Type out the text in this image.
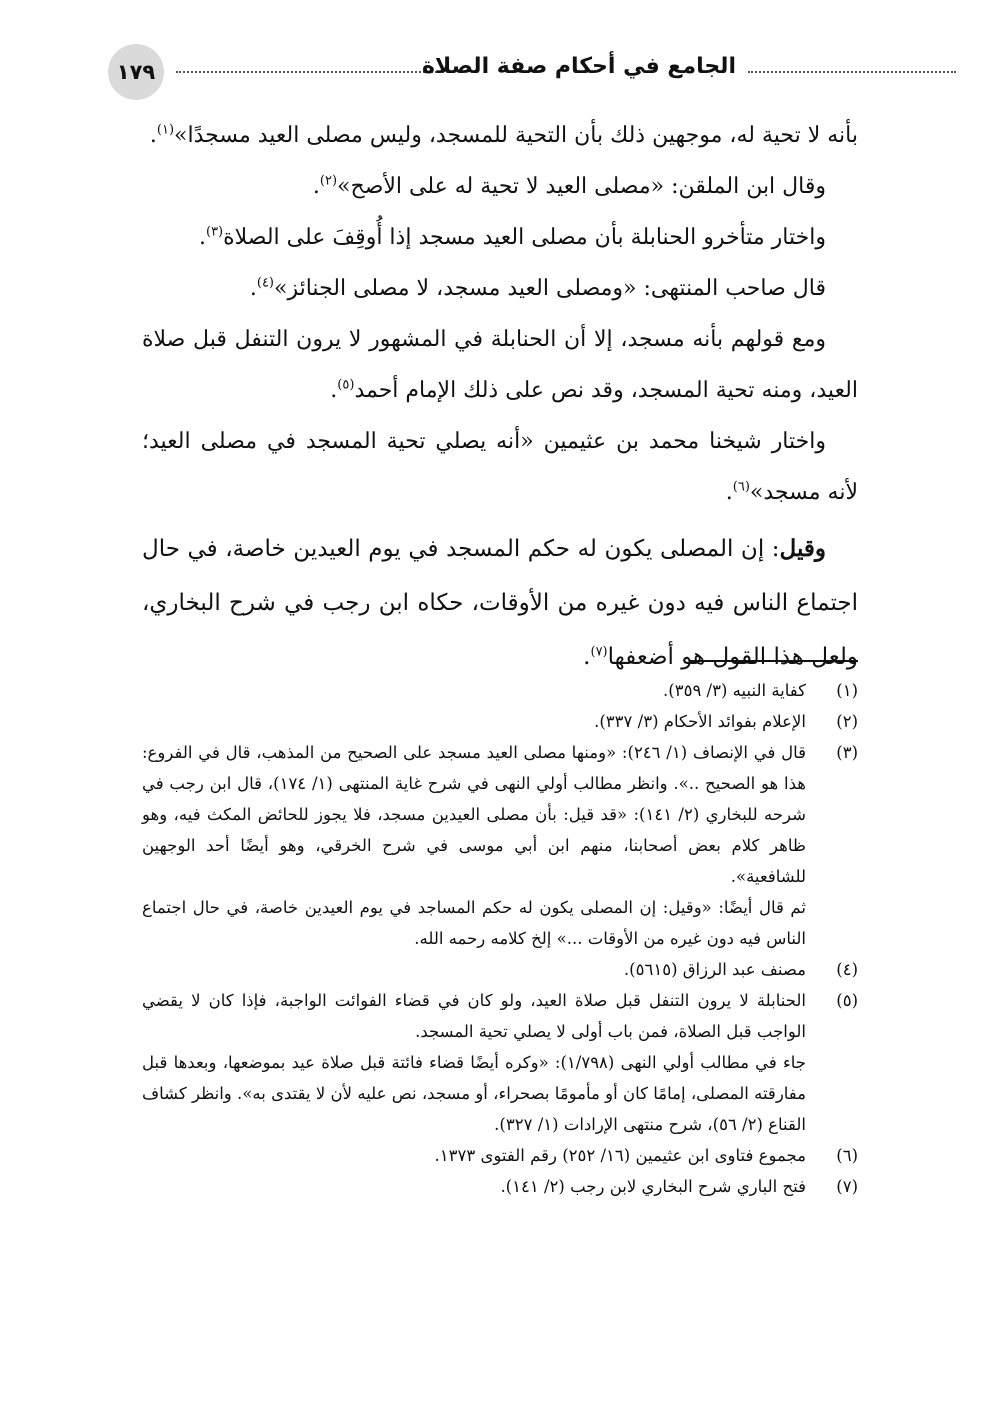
١٧٩	الجامع في أحكام صفة الصلاة

بأنه لا تحية له، موجهين ذلك بأن التحية للمسجد، وليس مصلى العيد مسجدًا»$^{(١)}$.

وقال ابن الملقن: «مصلى العيد لا تحية له على الأصح»$^{(٢)}$.

واختار متأخرو الحنابلة بأن مصلى العيد مسجد إذا أُوقِفَ على الصلاة$^{(٣)}$.

قال صاحب المنتهى: «ومصلى العيد مسجد، لا مصلى الجنائز»$^{(٤)}$.

ومع قولهم بأنه مسجد، إلا أن الحنابلة في المشهور لا يرون التنفل قبل صلاة العيد، ومنه تحية المسجد، وقد نص على ذلك الإمام أحمد$^{(٥)}$.

واختار شيخنا محمد بن عثيمين «أنه يصلي تحية المسجد في مصلى العيد؛ لأنه مسجد»$^{(٦)}$.

وقيل: إن المصلى يكون له حكم المسجد في يوم العيدين خاصة، في حال اجتماع الناس فيه دون غيره من الأوقات، حكاه ابن رجب في شرح البخاري، ولعل هذا القول هو أضعفها$^{(٧)}$.

(١)

كفاية النبيه (٣/ ٣٥٩).

(٢)

الإعلام بفوائد الأحكام (٣/ ٣٣٧).

(٣)

قال في الإنصاف (١/ ٢٤٦): «ومنها مصلى العيد مسجد على الصحيح من المذهب، قال في الفروع: هذا هو الصحيح ..». وانظر مطالب أولي النهى في شرح غاية المنتهى (١/ ١٧٤)، قال ابن رجب في شرحه للبخاري (٢/ ١٤١): «قد قيل: بأن مصلى العيدين مسجد، فلا يجوز للحائض المكث فيه، وهو ظاهر كلام بعض أصحابنا، منهم ابن أبي موسى في شرح الخرقي، وهو أيضًا أحد الوجهين للشافعية».

ثم قال أيضًا: «وقيل: إن المصلى يكون له حكم المساجد في يوم العيدين خاصة، في حال اجتماع الناس فيه دون غيره من الأوقات ...» إلخ كلامه رحمه الله.

(٤)

مصنف عبد الرزاق (٥٦١٥).

(٥)

الحنابلة لا يرون التنفل قبل صلاة العيد، ولو كان في قضاء الفوائت الواجبة، فإذا كان لا يقضي الواجب قبل الصلاة، فمن باب أولى لا يصلي تحية المسجد.

جاء في مطالب أولي النهى (١/٧٩٨): «وكره أيضًا قضاء فائتة قبل صلاة عيد بموضعها، وبعدها قبل مفارقته المصلى، إمامًا كان أو مأمومًا بصحراء، أو مسجد، نص عليه لأن لا يقتدى به». وانظر كشاف القناع (٢/ ٥٦)، شرح منتهى الإرادات (١/ ٣٢٧).

(٦)

مجموع فتاوى ابن عثيمين (١٦/ ٢٥٢) رقم الفتوى ١٣٧٣.

(٧)

فتح الباري شرح البخاري لابن رجب (٢/ ١٤١).
